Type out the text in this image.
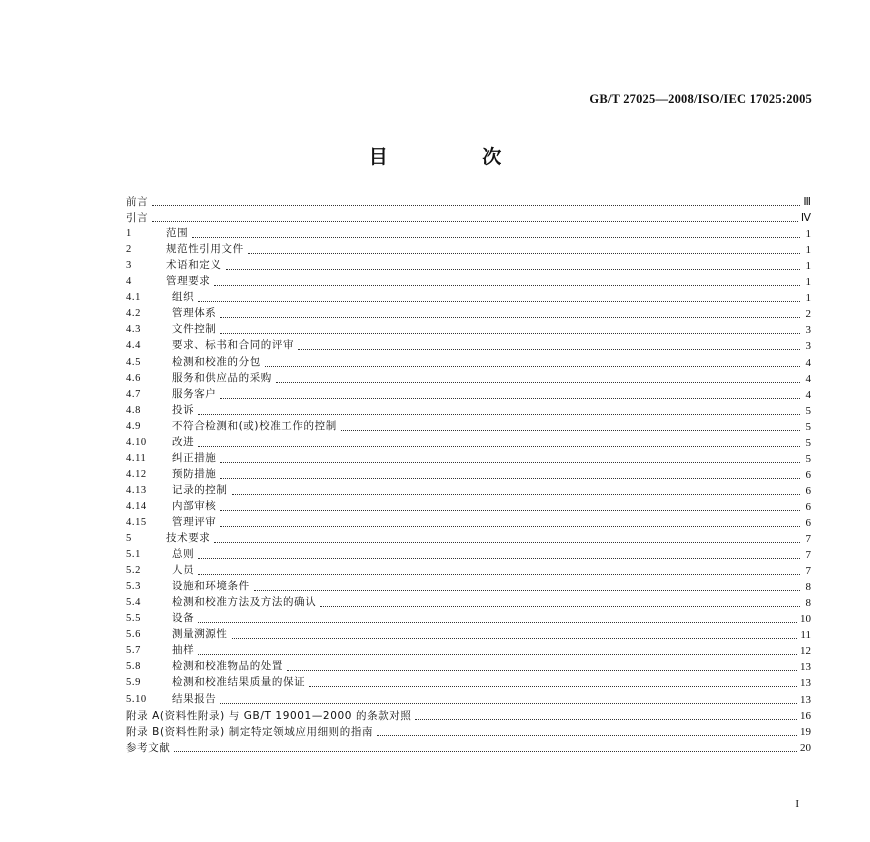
GB/T 27025—2008/ISO/IEC 17025:2005
目 次
前言	Ⅲ
引言	Ⅳ
1	范围	1
2	规范性引用文件	1
3	术语和定义	1
4	管理要求	1
4.1	组织	1
4.2	管理体系	2
4.3	文件控制	3
4.4	要求、标书和合同的评审	3
4.5	检测和校准的分包	4
4.6	服务和供应品的采购	4
4.7	服务客户	4
4.8	投诉	5
4.9	不符合检测和(或)校准工作的控制	5
4.10 改进	5
4.11 纠正措施	5
4.12 预防措施	6
4.13 记录的控制	6
4.14 内部审核	6
4.15 管理评审	6
5	技术要求	7
5.1	总则	7
5.2	人员	7
5.3	设施和环境条件	8
5.4	检测和校准方法及方法的确认	8
5.5	设备	10
5.6	测量溯源性	11
5.7	抽样	12
5.8	检测和校准物品的处置	13
5.9	检测和校准结果质量的保证	13
5.10 结果报告	13
附录 A(资料性附录) 与 GB/T 19001—2000 的条款对照	16
附录 B(资料性附录) 制定特定领域应用细则的指南	19
参考文献	20
I
